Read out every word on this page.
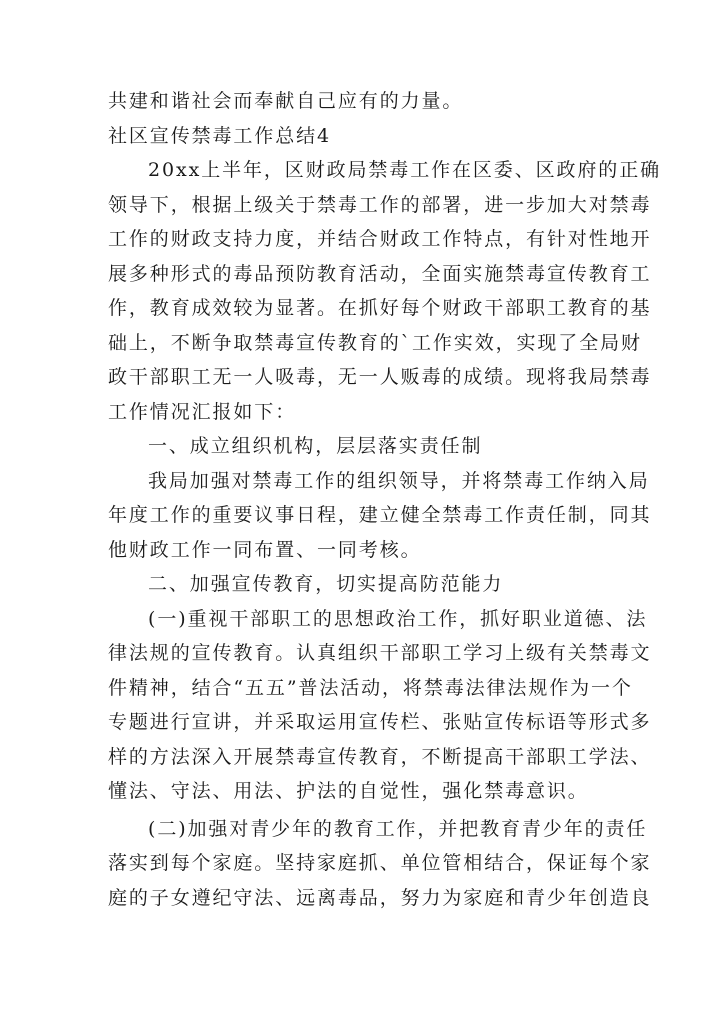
共建和谐社会而奉献自己应有的力量。
社区宣传禁毒工作总结4
20xx上半年，区财政局禁毒工作在区委、区政府的正确
领导下，根据上级关于禁毒工作的部署，进一步加大对禁毒
工作的财政支持力度，并结合财政工作特点，有针对性地开
展多种形式的毒品预防教育活动，全面实施禁毒宣传教育工
作，教育成效较为显著。在抓好每个财政干部职工教育的基
础上，不断争取禁毒宣传教育的`工作实效，实现了全局财
政干部职工无一人吸毒，无一人贩毒的成绩。现将我局禁毒
工作情况汇报如下：
一、成立组织机构，层层落实责任制
我局加强对禁毒工作的组织领导，并将禁毒工作纳入局
年度工作的重要议事日程，建立健全禁毒工作责任制，同其
他财政工作一同布置、一同考核。
二、加强宣传教育，切实提高防范能力
(一)重视干部职工的思想政治工作，抓好职业道德、法
律法规的宣传教育。认真组织干部职工学习上级有关禁毒文
件精神，结合“五五”普法活动，将禁毒法律法规作为一个
专题进行宣讲，并采取运用宣传栏、张贴宣传标语等形式多
样的方法深入开展禁毒宣传教育，不断提高干部职工学法、
懂法、守法、用法、护法的自觉性，强化禁毒意识。
(二)加强对青少年的教育工作，并把教育青少年的责任
落实到每个家庭。坚持家庭抓、单位管相结合，保证每个家
庭的子女遵纪守法、远离毒品，努力为家庭和青少年创造良
